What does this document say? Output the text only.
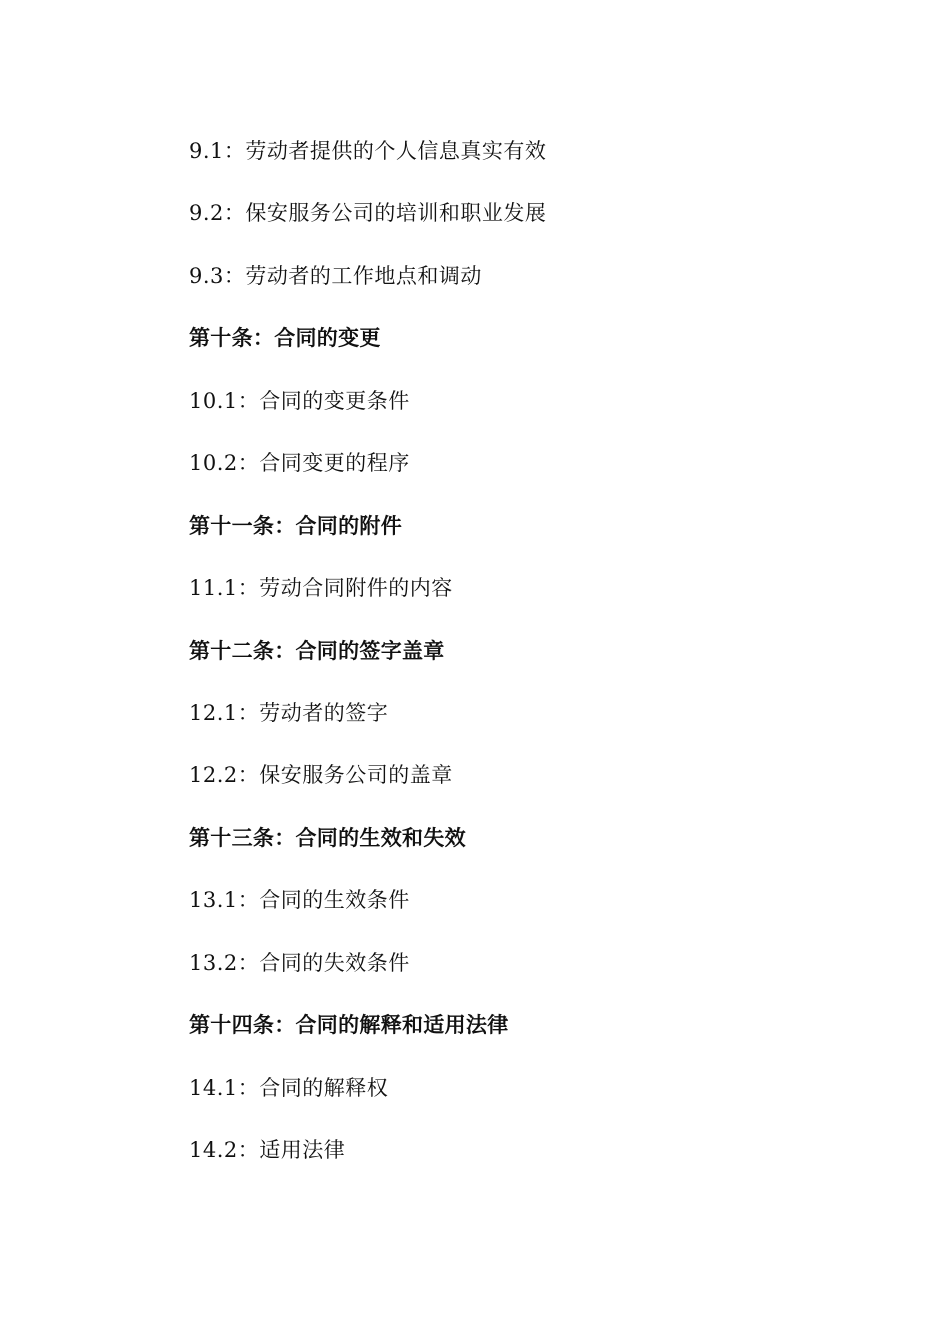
9.1：劳动者提供的个人信息真实有效
9.2：保安服务公司的培训和职业发展
9.3：劳动者的工作地点和调动
第十条：合同的变更
10.1：合同的变更条件
10.2：合同变更的程序
第十一条：合同的附件
11.1：劳动合同附件的内容
第十二条：合同的签字盖章
12.1：劳动者的签字
12.2：保安服务公司的盖章
第十三条：合同的生效和失效
13.1：合同的生效条件
13.2：合同的失效条件
第十四条：合同的解释和适用法律
14.1：合同的解释权
14.2：适用法律
